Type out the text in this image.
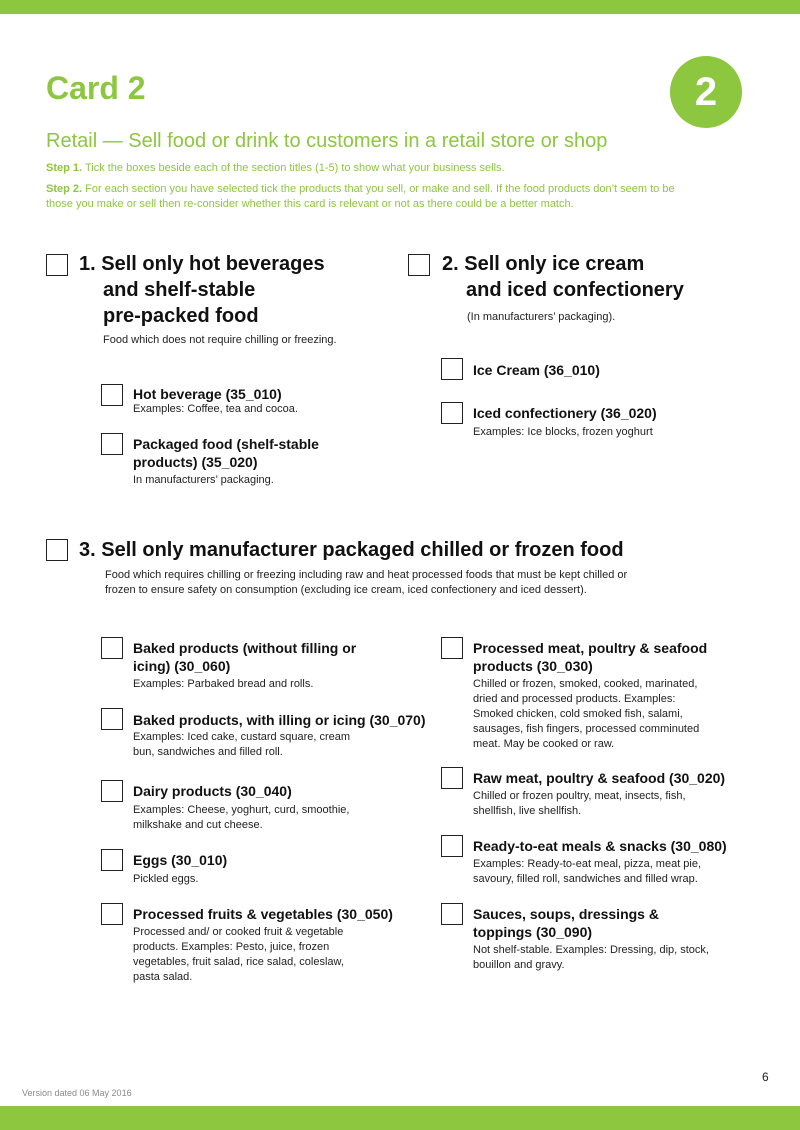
Card 2	2
Retail — Sell food or drink to customers in a retail store or shop
Step 1. Tick the boxes beside each of the section titles (1-5) to show what your business sells.
Step 2. For each section you have selected tick the products that you sell, or make and sell. If the food products don’t seem to be those you make or sell then re-consider whether this card is relevant or not as there could be a better match.
1. Sell only hot beverages
and shelf-stable
pre-packed food
Food which does not require chilling or freezing.
Hot beverage (35_010)
Examples: Coffee, tea and cocoa.
Packaged food (shelf-stable
products) (35_020)
In manufacturers’ packaging.
2. Sell only ice cream
and iced confectionery
(In manufacturers’ packaging).
Ice Cream (36_010)
Iced confectionery (36_020)
Examples: Ice blocks, frozen yoghurt
3. Sell only manufacturer packaged chilled or frozen food
Food which requires chilling or freezing including raw and heat processed foods that must be kept chilled or
frozen to ensure safety on consumption (excluding ice cream, iced confectionery and iced dessert).
Baked products (without filling or
icing) (30_060)
Examples: Parbaked bread and rolls.
Baked products, with illing or icing (30_070)
Examples: Iced cake, custard square, cream
bun, sandwiches and filled roll.
Dairy products (30_040)
Examples: Cheese, yoghurt, curd, smoothie,
milkshake and cut cheese.
Eggs (30_010)
Pickled eggs.
Processed fruits & vegetables (30_050)
Processed and/ or cooked fruit & vegetable
products. Examples: Pesto, juice, frozen
vegetables, fruit salad, rice salad, coleslaw,
pasta salad.
Processed meat, poultry & seafood
products (30_030)
Chilled or frozen, smoked, cooked, marinated,
dried and processed products. Examples:
Smoked chicken, cold smoked fish, salami,
sausages, fish fingers, processed comminuted
meat. May be cooked or raw.
Raw meat, poultry & seafood (30_020)
Chilled or frozen poultry, meat, insects, fish,
shellfish, live shellfish.
Ready-to-eat meals & snacks (30_080)
Examples: Ready-to-eat meal, pizza, meat pie,
savoury, filled roll, sandwiches and filled wrap.
Sauces, soups, dressings &
toppings (30_090)
Not shelf-stable. Examples: Dressing, dip, stock,
bouillon and gravy.
6
Version dated 06 May 2016
